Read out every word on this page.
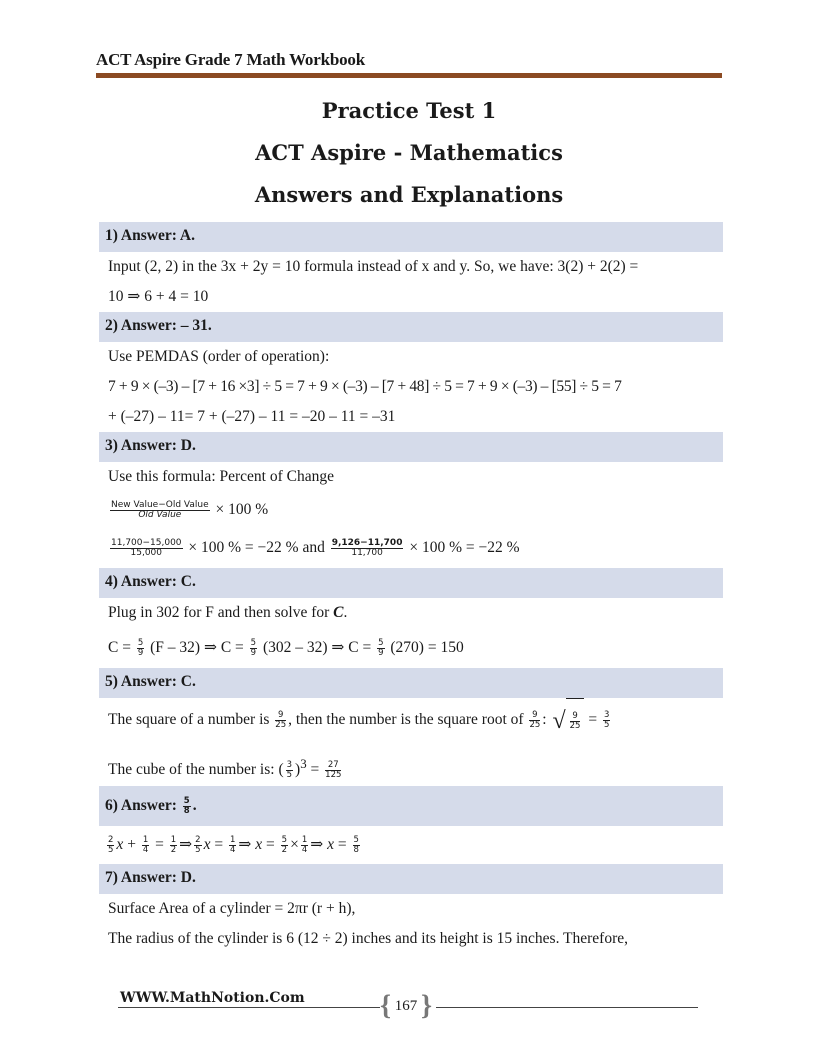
ACT Aspire Grade 7 Math Workbook
Practice Test 1
ACT Aspire - Mathematics
Answers and Explanations
1) Answer: A.
Input (2, 2) in the 3x + 2y = 10 formula instead of x and y. So, we have: 3(2) + 2(2) =
10 ⇒ 6 + 4 = 10
2) Answer: – 31.
Use PEMDAS (order of operation):
7 + 9 × (–3) – [7 + 16 ×3] ÷ 5 = 7 + 9 × (–3) – [7 + 48] ÷ 5 = 7 + 9 × (–3) – [55] ÷ 5 = 7
+ (–27) – 11= 7 + (–27) – 11 = –20 – 11 = –31
3) Answer: D.
Use this formula: Percent of Change
$\frac{\text{New Value−Old Value}}{\text{Old Value}} \times 100$ %
$\frac{11,700-15,000}{15,000} \times 100$ % = −22 % and $\frac{9,126-11,700}{11,700} \times 100$ % = −22 %
4) Answer: C.
Plug in 302 for F and then solve for C.
$C = \frac{5}{9} (F - 32)$ ⇒ $C = \frac{5}{9} (302 - 32)$ ⇒ $C = \frac{5}{9} (270) = 150$
5) Answer: C.
The square of a number is $\frac{9}{25}$ , then the number is the square root of $\frac{9}{25}$ : √ $\frac{9}{25} = \frac{3}{5}$
The cube of the number is: ( $\frac{3}{5} )^3 = \frac{27}{125}$
6) Answer: $\frac{5}{8}$ .
$\frac{2}{5}$ $x + \frac{1}{4} = \frac{1}{2}$ ⇒ $\frac{2}{5}$ $x = \frac{1}{4}$ ⇒ $x = \frac{5}{2} \times \frac{1}{4}$ ⇒ $x = \frac{5}{8}$
7) Answer: D.
Surface Area of a cylinder = 2πr (r + h),
The radius of the cylinder is 6 (12 ÷ 2) inches and its height is 15 inches. Therefore,
WWW.MathNotion.Com	{ 167 }
